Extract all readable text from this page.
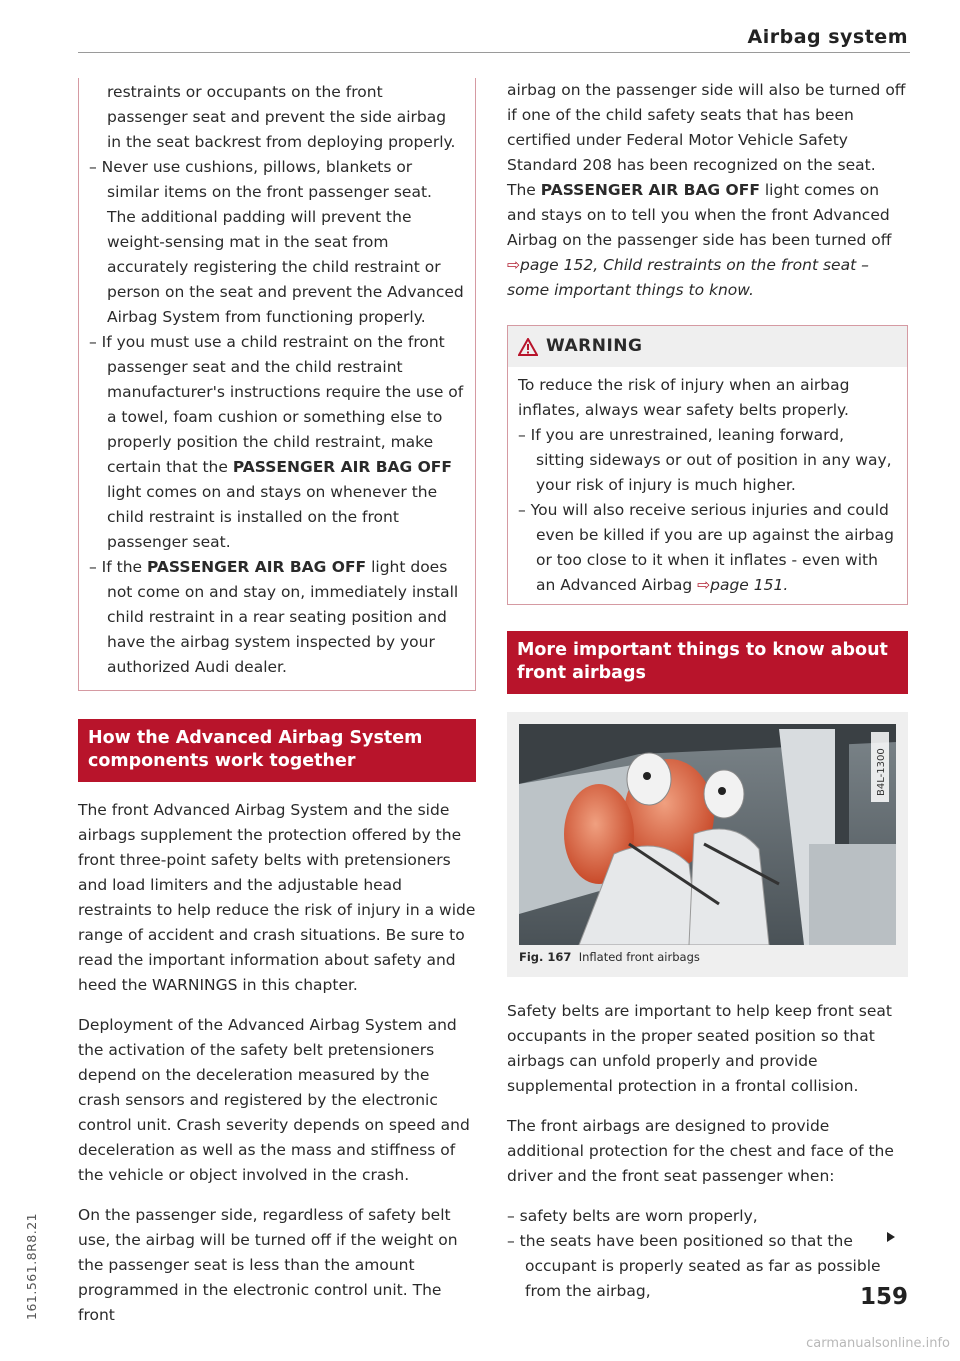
Airbag system

restraints or occupants on the front passenger seat and prevent the side airbag in the seat backrest from deploying properly.

– Never use cushions, pillows, blankets or similar items on the front passenger seat. The additional padding will prevent the weight-sensing mat in the seat from accurately registering the child restraint or person on the seat and prevent the Advanced Airbag System from functioning properly.

– If you must use a child restraint on the front passenger seat and the child restraint manufacturer's instructions require the use of a towel, foam cushion or something else to properly position the child restraint, make certain that the PASSENGER AIR BAG OFF light comes on and stays on whenever the child restraint is installed on the front passenger seat.

– If the PASSENGER AIR BAG OFF light does not come on and stay on, immediately install child restraint in a rear seating position and have the airbag system inspected by your authorized Audi dealer.

How the Advanced Airbag System components work together

The front Advanced Airbag System and the side airbags supplement the protection offered by the front three-point safety belts with pretensioners and load limiters and the adjustable head restraints to help reduce the risk of injury in a wide range of accident and crash situations. Be sure to read the important information about safety and heed the WARNINGS in this chapter.

Deployment of the Advanced Airbag System and the activation of the safety belt pretensioners depend on the deceleration measured by the crash sensors and registered by the electronic control unit. Crash severity depends on speed and deceleration as well as the mass and stiffness of the vehicle or object involved in the crash.

On the passenger side, regardless of safety belt use, the airbag will be turned off if the weight on the passenger seat is less than the amount programmed in the electronic control unit. The front

airbag on the passenger side will also be turned off if one of the child safety seats that has been certified under Federal Motor Vehicle Safety Standard 208 has been recognized on the seat. The PASSENGER AIR BAG OFF light comes on and stays on to tell you when the front Advanced Airbag on the passenger side has been turned off ⇨page 152, Child restraints on the front seat – some important things to know.

WARNING

To reduce the risk of injury when an airbag inflates, always wear safety belts properly.

– If you are unrestrained, leaning forward, sitting sideways or out of position in any way, your risk of injury is much higher.

– You will also receive serious injuries and could even be killed if you are up against the airbag or too close to it when it inflates - even with an Advanced Airbag ⇨page 151.

More important things to know about front airbags
B4L-1300
Fig. 167 Inflated front airbags

Safety belts are important to help keep front seat occupants in the proper seated position so that airbags can unfold properly and provide supplemental protection in a frontal collision.

The front airbags are designed to provide additional protection for the chest and face of the driver and the front seat passenger when:

– safety belts are worn properly,

– the seats have been positioned so that the occupant is properly seated as far as possible from the airbag,

161.561.8R8.21	159
carmanualsonline.info
